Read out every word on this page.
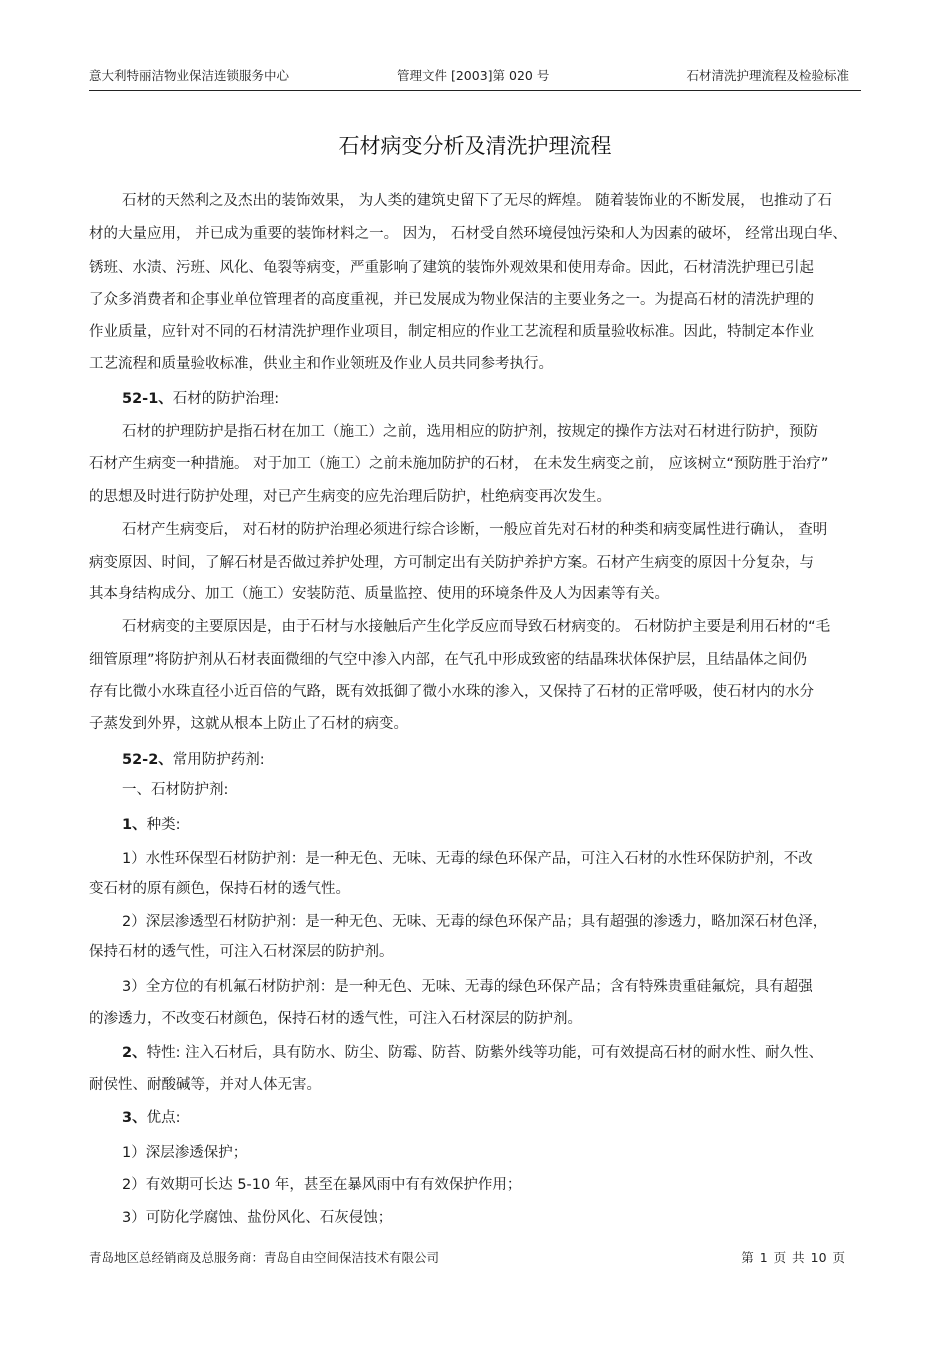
意大利特丽洁物业保洁连锁服务中心	管理文件 [2003]第 020 号	石材清洗护理流程及检验标准
石材病变分析及清洗护理流程
石材的天然利之及杰出的装饰效果， 为人类的建筑史留下了无尽的辉煌。 随着装饰业的不断发展， 也推动了石
材的大量应用， 并已成为重要的装饰材料之一。 因为， 石材受自然环境侵蚀污染和人为因素的破坏， 经常出现白华、
锈班、水渍、污班、风化、龟裂等病变，严重影响了建筑的装饰外观效果和使用寿命。因此，石材清洗护理已引起
了众多消费者和企事业单位管理者的高度重视，并已发展成为物业保洁的主要业务之一。为提高石材的清洗护理的
作业质量，应针对不同的石材清洗护理作业项目，制定相应的作业工艺流程和质量验收标准。因此，特制定本作业
工艺流程和质量验收标准，供业主和作业领班及作业人员共同参考执行。
52-1、石材的防护治理:
石材的护理防护是指石材在加工（施工）之前，选用相应的防护剂，按规定的操作方法对石材进行防护，预防
石材产生病变一种措施。 对于加工（施工）之前未施加防护的石材， 在未发生病变之前， 应该树立“预防胜于治疗”
的思想及时进行防护处理，对已产生病变的应先治理后防护，杜绝病变再次发生。
石材产生病变后， 对石材的防护治理必须进行综合诊断，一般应首先对石材的种类和病变属性进行确认， 查明
病变原因、时间，了解石材是否做过养护处理，方可制定出有关防护养护方案。石材产生病变的原因十分复杂，与
其本身结构成分、加工（施工）安装防范、质量监控、使用的环境条件及人为因素等有关。
石材病变的主要原因是，由于石材与水接触后产生化学反应而导致石材病变的。 石材防护主要是利用石材的“毛
细管原理”将防护剂从石材表面微细的气空中渗入内部，在气孔中形成致密的结晶珠状体保护层，且结晶体之间仍
存有比微小水珠直径小近百倍的气路，既有效抵御了微小水珠的渗入，又保持了石材的正常呼吸，使石材内的水分
子蒸发到外界，这就从根本上防止了石材的病变。
52-2、常用防护药剂:
一、石材防护剂:
1、种类:
1）水性环保型石材防护剂：是一种无色、无味、无毒的绿色环保产品，可注入石材的水性环保防护剂，不改
变石材的原有颜色，保持石材的透气性。
2）深层渗透型石材防护剂：是一种无色、无味、无毒的绿色环保产品；具有超强的渗透力，略加深石材色泽，
保持石材的透气性，可注入石材深层的防护剂。
3）全方位的有机氟石材防护剂：是一种无色、无味、无毒的绿色环保产品；含有特殊贵重硅氟烷，具有超强
的渗透力，不改变石材颜色，保持石材的透气性，可注入石材深层的防护剂。
2、特性: 注入石材后，具有防水、防尘、防霉、防苔、防紫外线等功能，可有效提高石材的耐水性、耐久性、
耐侯性、耐酸碱等，并对人体无害。
3、优点:
1）深层渗透保护；
2）有效期可长达 5-10 年，甚至在暴风雨中有有效保护作用；
3）可防化学腐蚀、盐份风化、石灰侵蚀；
青岛地区总经销商及总服务商：青岛自由空间保洁技术有限公司	第 1 页 共 10 页
